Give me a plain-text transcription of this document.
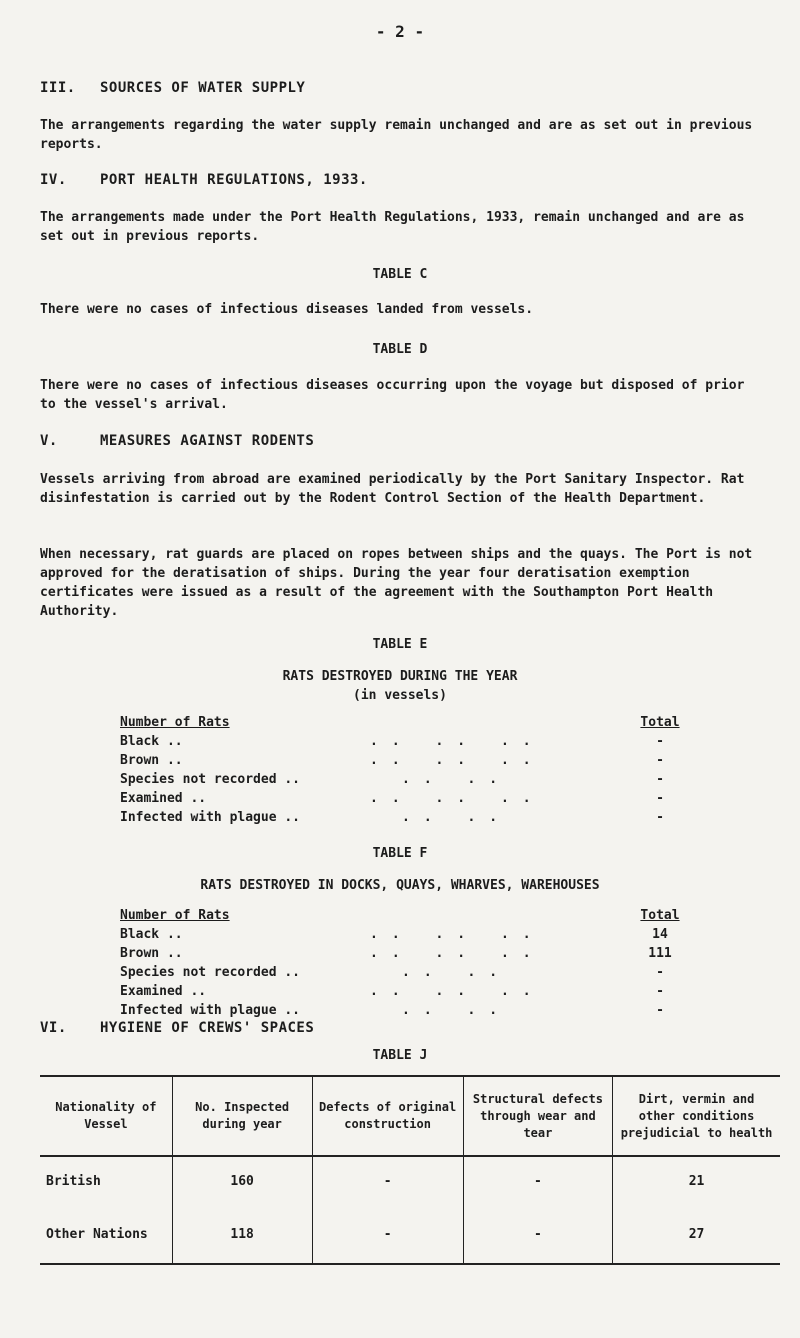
- 2 -
III. SOURCES OF WATER SUPPLY
The arrangements regarding the water supply remain unchanged and are as set out in previous reports.
IV. PORT HEALTH REGULATIONS, 1933.
The arrangements made under the Port Health Regulations, 1933, remain unchanged and are as set out in previous reports.
TABLE C
There were no cases of infectious diseases landed from vessels.
TABLE D
There were no cases of infectious diseases occurring upon the voyage but disposed of prior to the vessel's arrival.
V.	MEASURES AGAINST RODENTS
Vessels arriving from abroad are examined periodically by the Port Sanitary Inspector. Rat disinfestation is carried out by the Rodent Control Section of the Health Department.
When necessary, rat guards are placed on ropes between ships and the quays. The Port is not approved for the deratisation of ships. During the year four deratisation exemption certificates were issued as a result of the agreement with the Southampton Port Health Authority.
TABLE E
RATS DESTROYED DURING THE YEAR
(in vessels)
Number of Rats	Total
Black ..	.. .. ..	-
Brown ..	.. .. ..	-
Species not recorded ..	.. ..	-
Examined ..	.. .. ..	-
Infected with plague ..	.. ..	-
TABLE F
RATS DESTROYED IN DOCKS, QUAYS, WHARVES, WAREHOUSES
Number of Rats	Total
Black ..	.. .. ..	14
Brown ..	.. .. ..	111
Species not recorded ..	.. ..	-
Examined ..	.. .. ..	-
Infected with plague ..	.. ..	-
VI. HYGIENE OF CREWS' SPACES
TABLE J
Nationality of Vessel	No. Inspected during year	Defects of original construction	Structural defects through wear and tear	Dirt, vermin and other conditions prejudicial to health
British	160	-	-	21
Other Nations	118	-	-	27
